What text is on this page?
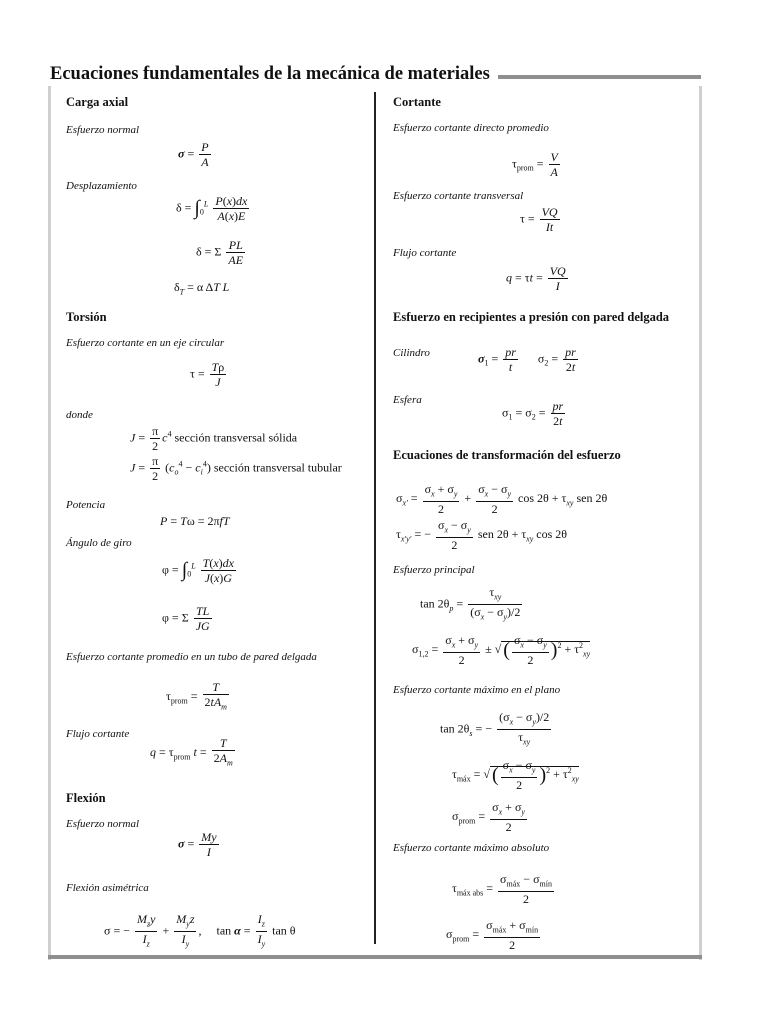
Ecuaciones fundamentales de la mecánica de materiales
Carga axial
Esfuerzo normal
$\sigma = \frac{P}{A}$
Desplazamiento
$\delta = \int_0^L \frac{P(x)dx}{A(x)E}$
δ = Σ $\frac{PL}{AE}$
$\delta_T = \alpha$ ΔT L
Torsión
Esfuerzo cortante en un eje circular
$\tau = \frac{T\rho}{J}$
donde
$J = \frac{\pi}{2} c^4$ sección transversal sólida
$J = \frac{\pi}{2} (c_o^4 - c_i^4)$ sección transversal tubular
Potencia
P = Tω = 2πfT
Ángulo de giro
$\varphi = \int_0^L \frac{T(x)dx}{J(x)G}$
φ = Σ $\frac{TL}{JG}$
Esfuerzo cortante promedio en un tubo de pared delgada
$\tau_{prom}$ =
T
$2tA_m$
Flujo cortante
$q = \tau_{prom}$ $t = \frac{T}{2A_m}$
Flexión
Esfuerzo normal
$\sigma = \frac{My}{I}$
Flexión asimétrica
σ = −
$M_zy$
$I_z$
+
$M_yz$
$I_y$
,     $\tan \alpha = \frac{I_z}{I_y}$ tan θ
Cortante
Esfuerzo cortante directo promedio
$\tau_{prom} = \frac{V}{A}$
Esfuerzo cortante transversal
$\tau = \frac{VQ}{It}$
Flujo cortante
$q = \tau t = \frac{VQ}{I}$
Esfuerzo en recipientes a presión con pared delgada
Cilindro	$\sigma_1 = \frac{pr}{t} \sigma_2 = \frac{pr}{2t}$
Esfera
$\sigma_1 = \sigma_2 = \frac{pr}{2t}$
Ecuaciones de transformación del esfuerzo
$\sigma_{x'} = \frac{\sigma_x + \sigma_y}{2} + \frac{\sigma_x - \sigma_y}{2}$ $\cos 2\theta + \tau_{xy}$ sen 2θ
$\tau_{x'y'}$ = − $\frac{\sigma_x - \sigma_y}{2}$ sen $2\theta + \tau_{xy}$ cos 2θ
Esfuerzo principal
$\tan 2\theta_p$ =
$\tau_{xy}$
$(\sigma_x - \sigma_y)/2$
$\sigma_{1,2} = \frac{\sigma_x + \sigma_y}{2}$ ± √ ( $\frac{\sigma_x - \sigma_y}{2} )^2 + \tau^2_{xy}$
Esfuerzo cortante máximo en el plano
$\tan 2\theta_s$ = −
$(\sigma_x - \sigma_y)/2$
$\tau_{xy}$
$\tau_{máx}$ = √ ( $\frac{\sigma_x - \sigma_y}{2} )^2 + \tau^2_{xy}$
$\sigma_{prom} = \frac{\sigma_x + \sigma_y}{2}$
Esfuerzo cortante máximo absoluto
$\tau_{máx abs}$ =
$\sigma_{máx} - \sigma_{mín}$
2
$\sigma_{prom}$ =
$\sigma_{máx} + \sigma_{mín}$
2
